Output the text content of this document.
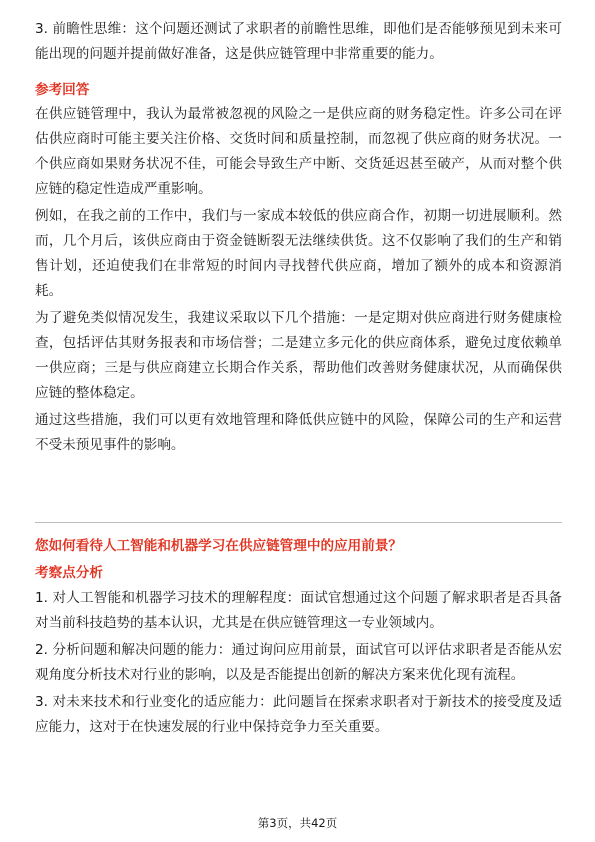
3. 前瞻性思维：这个问题还测试了求职者的前瞻性思维，即他们是否能够预见到未来可能出现的问题并提前做好准备，这是供应链管理中非常重要的能力。

参考回答

在供应链管理中，我认为最常被忽视的风险之一是供应商的财务稳定性。许多公司在评估供应商时可能主要关注价格、交货时间和质量控制，而忽视了供应商的财务状况。一个供应商如果财务状况不佳，可能会导致生产中断、交货延迟甚至破产，从而对整个供应链的稳定性造成严重影响。

例如，在我之前的工作中，我们与一家成本较低的供应商合作，初期一切进展顺利。然而，几个月后，该供应商由于资金链断裂无法继续供货。这不仅影响了我们的生产和销售计划，还迫使我们在非常短的时间内寻找替代供应商，增加了额外的成本和资源消耗。

为了避免类似情况发生，我建议采取以下几个措施：一是定期对供应商进行财务健康检查，包括评估其财务报表和市场信誉；二是建立多元化的供应商体系，避免过度依赖单一供应商；三是与供应商建立长期合作关系，帮助他们改善财务健康状况，从而确保供应链的整体稳定。

通过这些措施，我们可以更有效地管理和降低供应链中的风险，保障公司的生产和运营不受未预见事件的影响。

您如何看待人工智能和机器学习在供应链管理中的应用前景？

考察点分析

1. 对人工智能和机器学习技术的理解程度：面试官想通过这个问题了解求职者是否具备对当前科技趋势的基本认识，尤其是在供应链管理这一专业领域内。

2. 分析问题和解决问题的能力：通过询问应用前景，面试官可以评估求职者是否能从宏观角度分析技术对行业的影响，以及是否能提出创新的解决方案来优化现有流程。

3. 对未来技术和行业变化的适应能力：此问题旨在探索求职者对于新技术的接受度及适应能力，这对于在快速发展的行业中保持竞争力至关重要。

第3页，共42页
